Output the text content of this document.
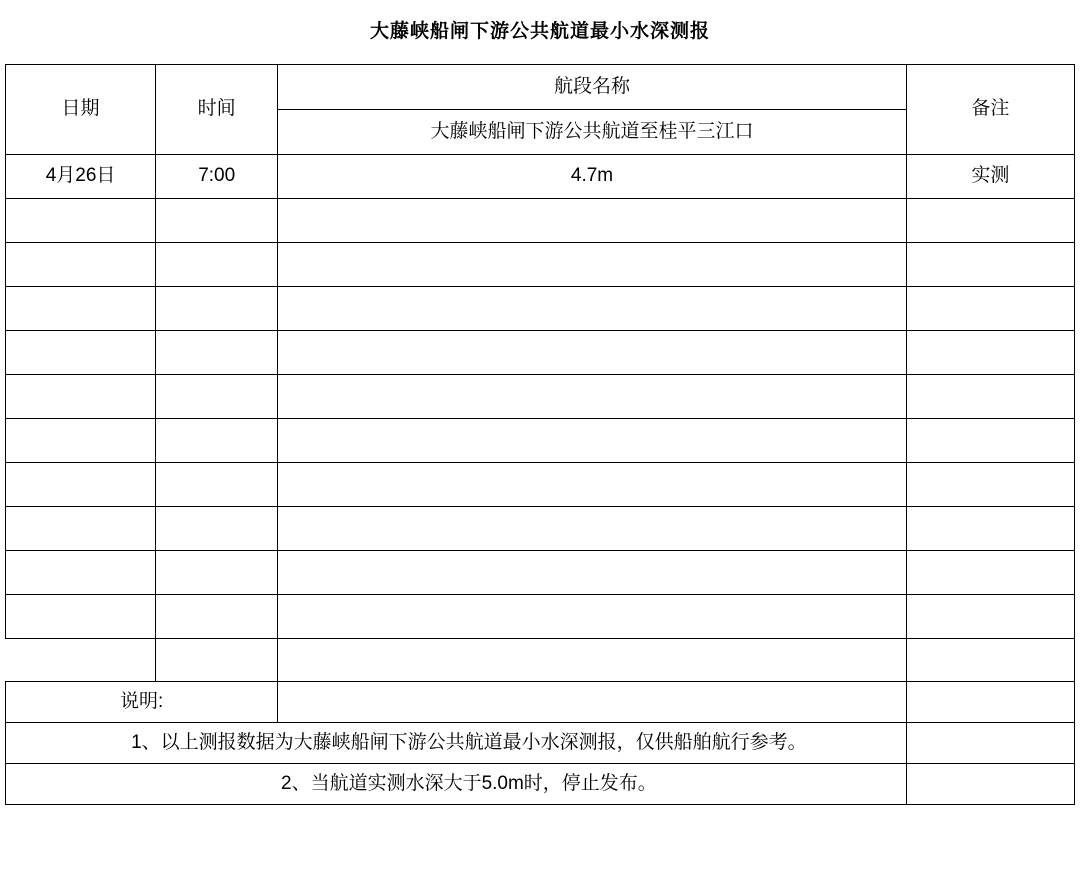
大藤峡船闸下游公共航道最小水深测报			
日期	时间	航段名称	备注
		大藤峡船闸下游公共航道至桂平三江口	
4月26日	7:00	4.7m	实测

说明:			
1、以上测报数据为大藤峡船闸下游公共航道最小水深测报，仅供船舶航行参考。			
2、当航道实测水深大于5.0m时，停止发布。			
